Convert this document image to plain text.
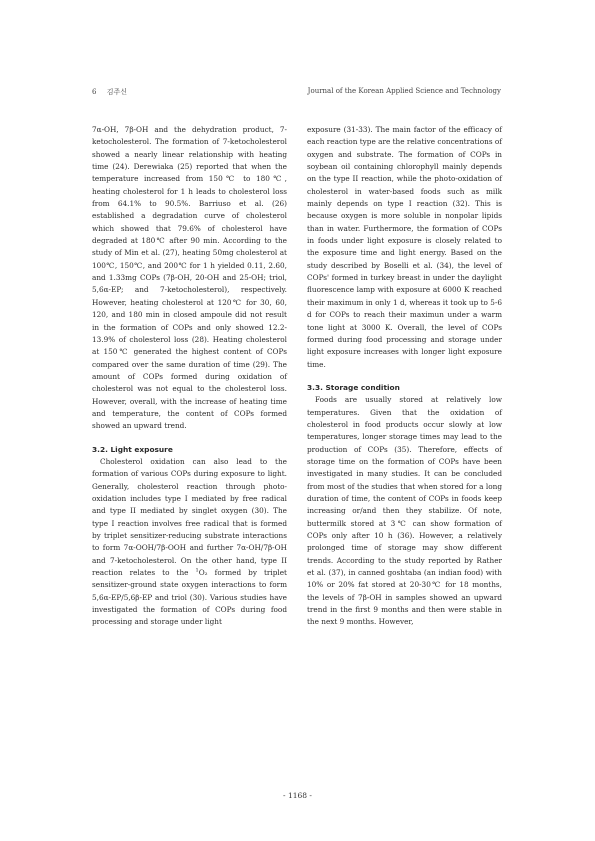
6 김주신	Journal of the Korean Applied Science and Technology

7α-OH, 7β-OH and the dehydration product, 7-ketocholesterol. The formation of 7-ketocholesterol showed a nearly linear relationship with heating time (24). Derewiaka (25) reported that when the temperature increased from 150℃ to 180℃, heating cholesterol for 1 h leads to cholesterol loss from 64.1% to 90.5%. Barriuso et al. (26) established a degradation curve of cholesterol which showed that 79.6% of cholesterol have degraded at 180℃ after 90 min. According to the study of Min et al. (27), heating 50mg cholesterol at 100℃, 150℃, and 200℃ for 1 h yielded 0.11, 2.60, and 1.33mg COPs (7β-OH, 20-OH and 25-OH; triol, 5,6α-EP; and 7-ketocholesterol), respectively. However, heating cholesterol at 120℃ for 30, 60, 120, and 180 min in closed ampoule did not result in the formation of COPs and only showed 12.2-13.9% of cholesterol loss (28). Heating cholesterol at 150℃ generated the highest content of COPs compared over the same duration of time (29). The amount of COPs formed during oxidation of cholesterol was not equal to the cholesterol loss. However, overall, with the increase of heating time and temperature, the content of COPs formed showed an upward trend.

3.2. Light exposure

Cholesterol oxidation can also lead to the formation of various COPs during exposure to light. Generally, cholesterol reaction through photo-oxidation includes type I mediated by free radical and type II mediated by singlet oxygen (30). The type I reaction involves free radical that is formed by triplet sensitizer-reducing substrate interactions to form 7α-OOH/7β-OOH and further 7α-OH/7β-OH and 7-ketocholesterol. On the other hand, type II reaction relates to the $^1$O₂ formed by triplet sensitizer-ground state oxygen interactions to form 5,6α-EP/5,6β-EP and triol (30). Various studies have investigated the formation of COPs during food processing and storage under light

exposure (31-33). The main factor of the efficacy of each reaction type are the relative concentrations of oxygen and substrate. The formation of COPs in soybean oil containing chlorophyll mainly depends on the type II reaction, while the photo-oxidation of cholesterol in water-based foods such as milk mainly depends on type I reaction (32). This is because oxygen is more soluble in nonpolar lipids than in water. Furthermore, the formation of COPs in foods under light exposure is closely related to the exposure time and light energy. Based on the study described by Boselli et al. (34), the level of COPs' formed in turkey breast in under the daylight fluorescence lamp with exposure at 6000 K reached their maximum in only 1 d, whereas it took up to 5-6 d for COPs to reach their maximun under a warm tone light at 3000 K. Overall, the level of COPs formed during food processing and storage under light exposure increases with longer light exposure time.

3.3. Storage condition

Foods are usually stored at relatively low temperatures. Given that the oxidation of cholesterol in food products occur slowly at low temperatures, longer storage times may lead to the production of COPs (35). Therefore, effects of storage time on the formation of COPs have been investigated in many studies. It can be concluded from most of the studies that when stored for a long duration of time, the content of COPs in foods keep increasing or/and then they stabilize. Of note, buttermilk stored at 3℃ can show formation of COPs only after 10 h (36). However, a relatively prolonged time of storage may show different trends. According to the study reported by Rather et al. (37), in canned goshtaba (an indian food) with 10% or 20% fat stored at 20-30℃ for 18 months, the levels of 7β-OH in samples showed an upward trend in the first 9 months and then were stable in the next 9 months. However,

- 1168 -
